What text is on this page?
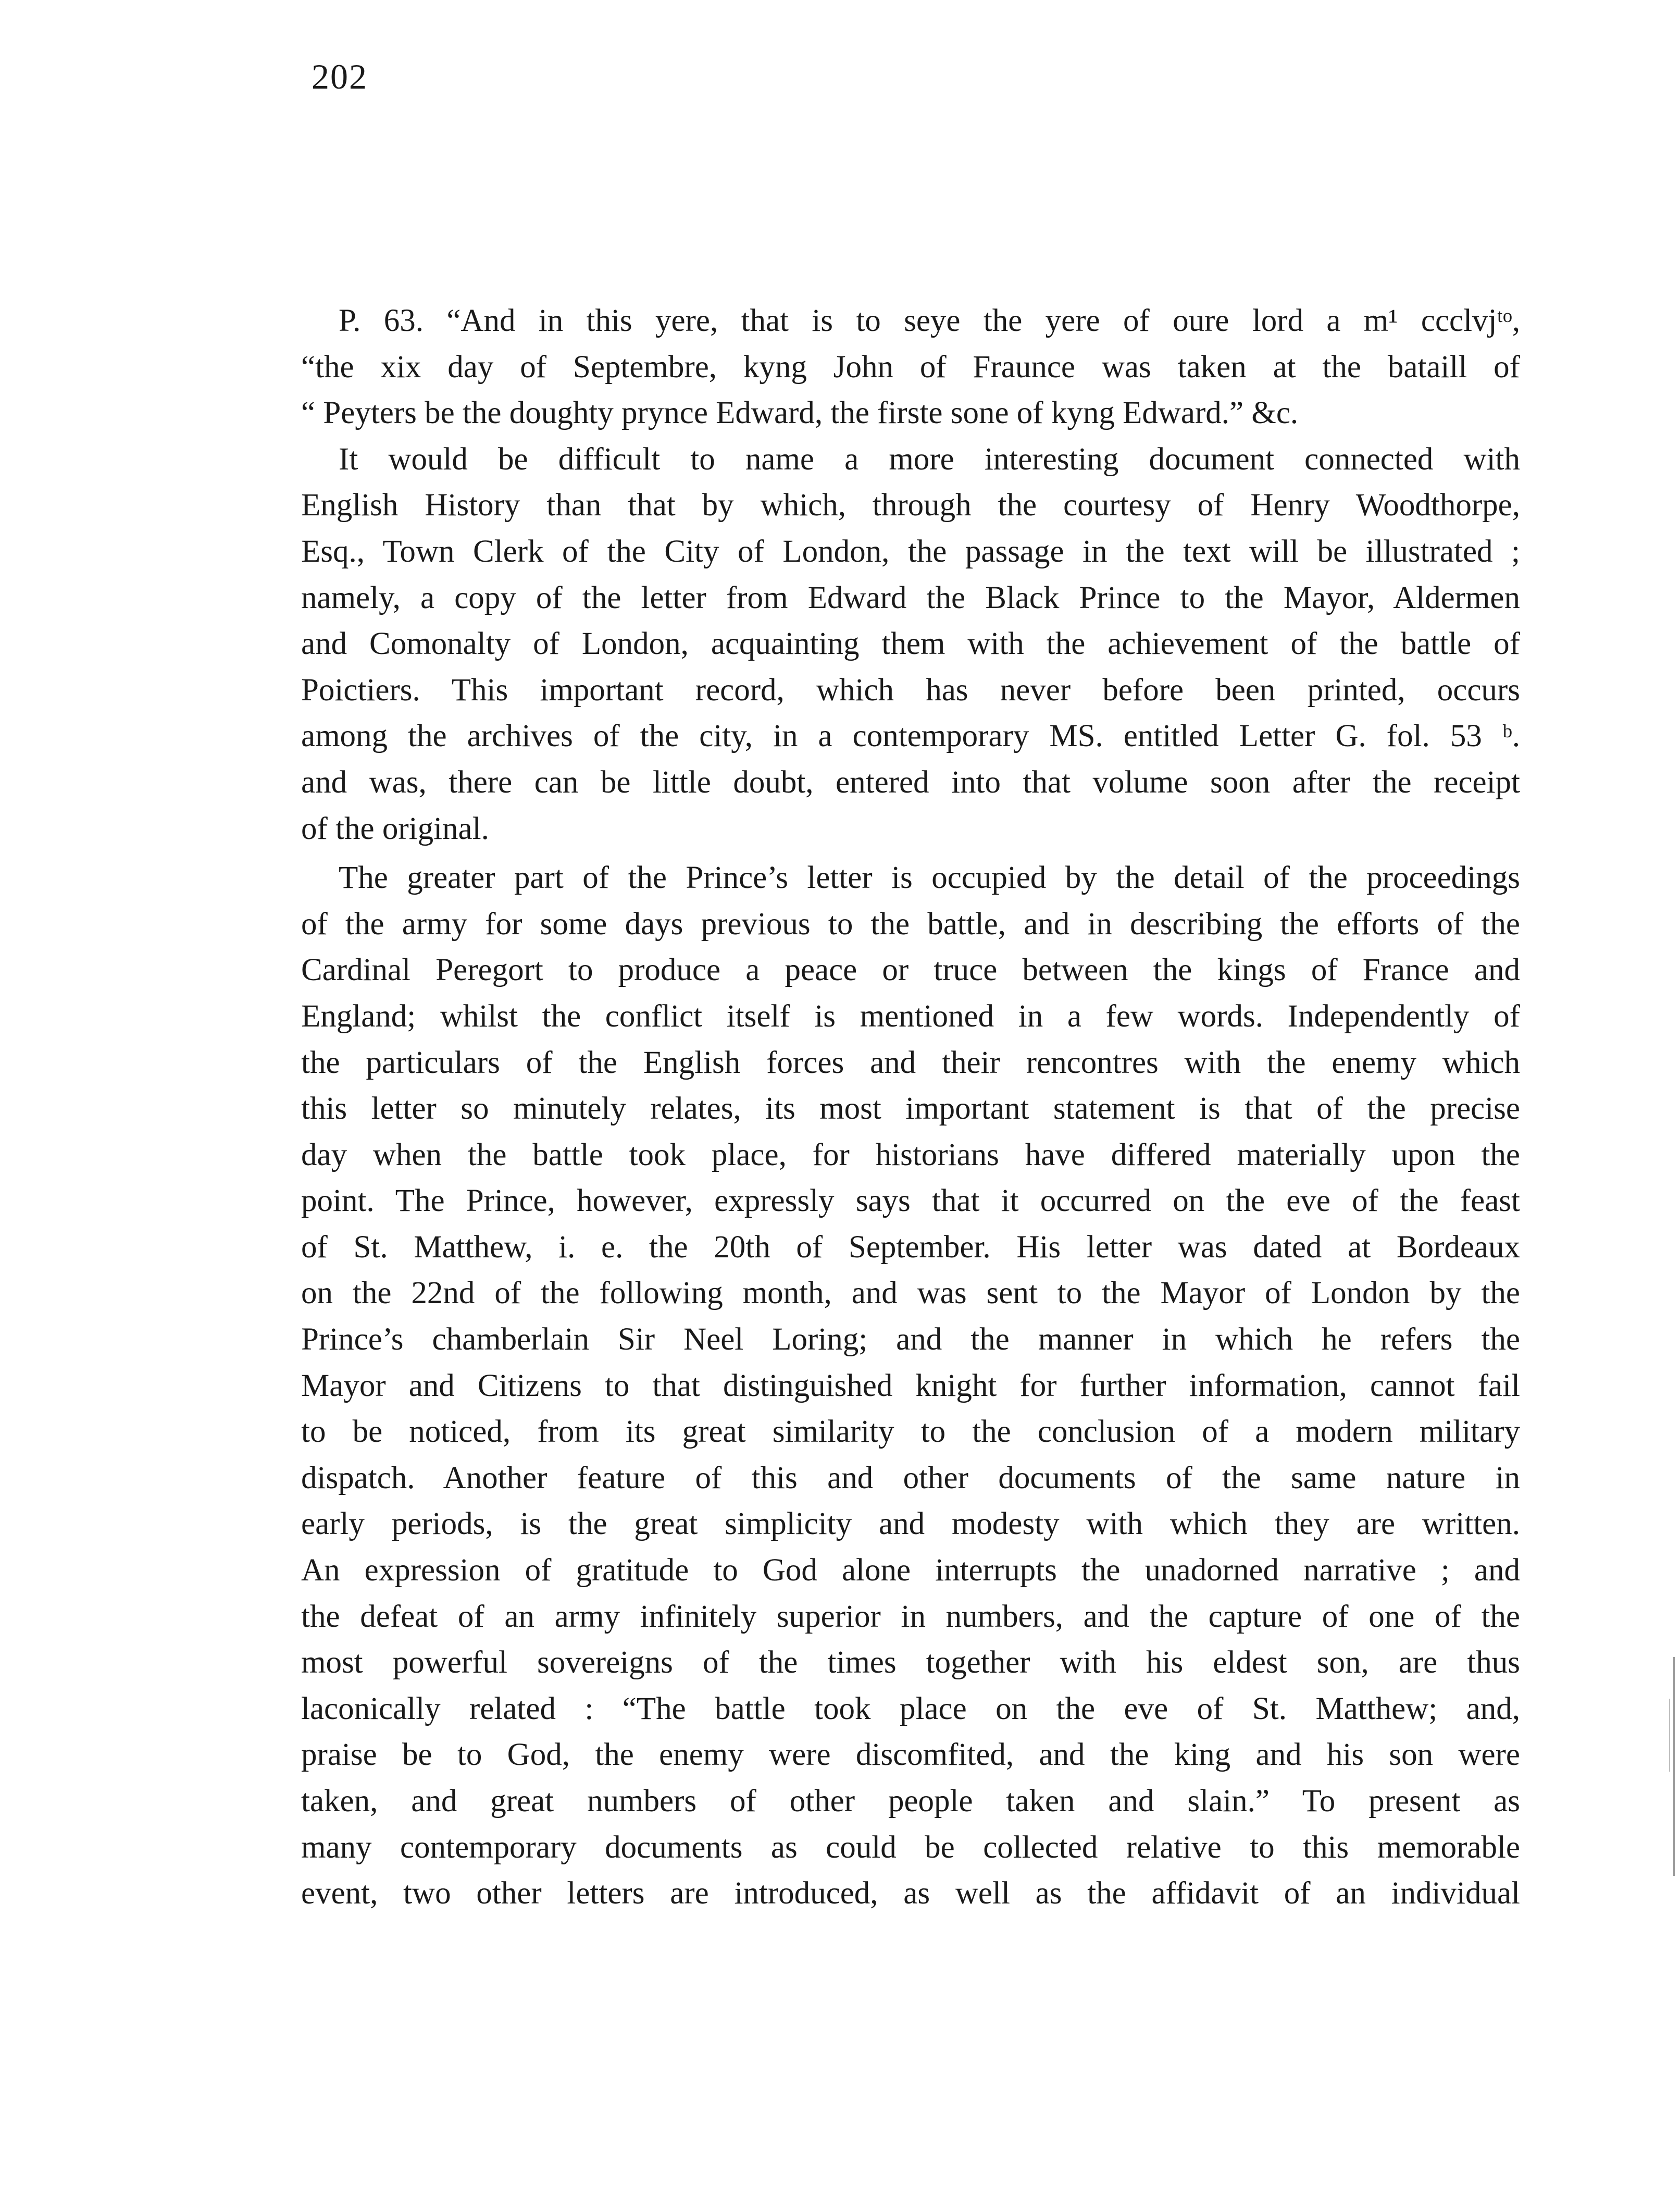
202
P. 63. “And in this yere, that is to seye the yere of oure lord a m¹ ccclvjᵗᵒ,
“the xix day of Septembre, kyng John of Fraunce was taken at the bataill of
“ Peyters be the doughty prynce Edward, the firste sone of kyng Edward.” &c.
It would be difficult to name a more interesting document connected with
English History than that by which, through the courtesy of Henry Woodthorpe,
Esq., Town Clerk of the City of London, the passage in the text will be illustrated ;
namely, a copy of the letter from Edward the Black Prince to the Mayor, Aldermen
and Comonalty of London, acquainting them with the achievement of the battle of
Poictiers. This important record, which has never before been printed, occurs
among the archives of the city, in a contemporary MS. entitled Letter G. fol. 53 ᵇ.
and was, there can be little doubt, entered into that volume soon after the receipt
of the original.
The greater part of the Prince’s letter is occupied by the detail of the proceedings
of the army for some days previous to the battle, and in describing the efforts of the
Cardinal Peregort to produce a peace or truce between the kings of France and
England; whilst the conflict itself is mentioned in a few words. Independently of
the particulars of the English forces and their rencontres with the enemy which
this letter so minutely relates, its most important statement is that of the precise
day when the battle took place, for historians have differed materially upon the
point. The Prince, however, expressly says that it occurred on the eve of the feast
of St. Matthew, i. e. the 20th of September. His letter was dated at Bordeaux
on the 22nd of the following month, and was sent to the Mayor of London by the
Prince’s chamberlain Sir Neel Loring; and the manner in which he refers the
Mayor and Citizens to that distinguished knight for further information, cannot fail
to be noticed, from its great similarity to the conclusion of a modern military
dispatch. Another feature of this and other documents of the same nature in
early periods, is the great simplicity and modesty with which they are written.
An expression of gratitude to God alone interrupts the unadorned narrative ; and
the defeat of an army infinitely superior in numbers, and the capture of one of the
most powerful sovereigns of the times together with his eldest son, are thus
laconically related : “The battle took place on the eve of St. Matthew; and,
praise be to God, the enemy were discomfited, and the king and his son were
taken, and great numbers of other people taken and slain.” To present as
many contemporary documents as could be collected relative to this memorable
event, two other letters are introduced, as well as the affidavit of an individual
